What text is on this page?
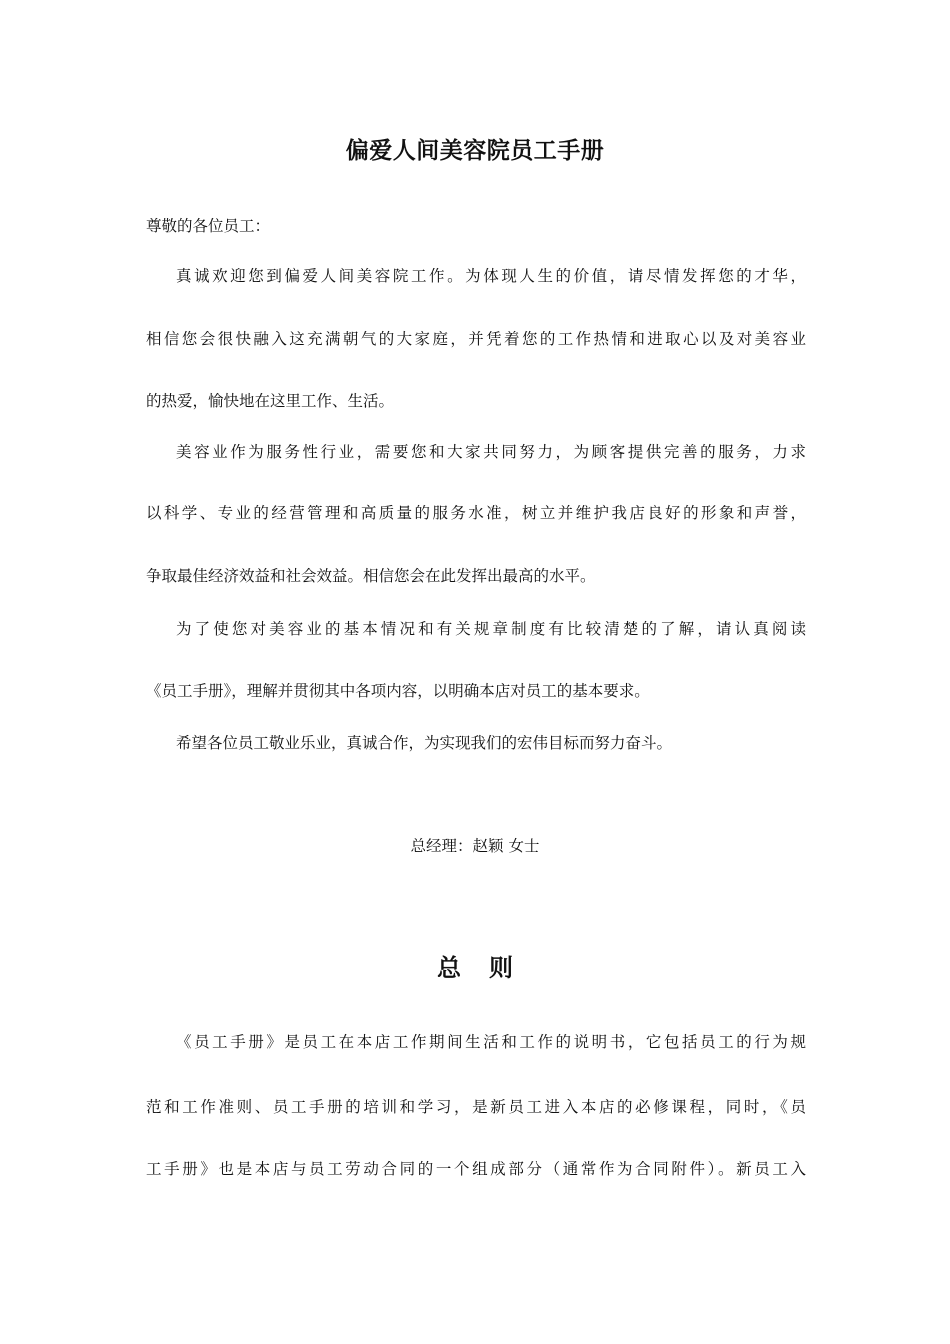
偏爱人间美容院员工手册

尊敬的各位员工：

真诚欢迎您到偏爱人间美容院工作。为体现人生的价值，请尽情发挥您的才华，

相信您会很快融入这充满朝气的大家庭，并凭着您的工作热情和进取心以及对美容业

的热爱，愉快地在这里工作、生活。

美容业作为服务性行业，需要您和大家共同努力，为顾客提供完善的服务，力求

以科学、专业的经营管理和高质量的服务水准，树立并维护我店良好的形象和声誉，

争取最佳经济效益和社会效益。相信您会在此发挥出最高的水平。

为了使您对美容业的基本情况和有关规章制度有比较清楚的了解，请认真阅读

《员工手册》，理解并贯彻其中各项内容，以明确本店对员工的基本要求。

希望各位员工敬业乐业，真诚合作，为实现我们的宏伟目标而努力奋斗。

总经理：赵颖 女士

总 则

《员工手册》是员工在本店工作期间生活和工作的说明书，它包括员工的行为规

范和工作准则、员工手册的培训和学习，是新员工进入本店的必修课程，同时，《员

工手册》也是本店与员工劳动合同的一个组成部分（通常作为合同附件）。新员工入
